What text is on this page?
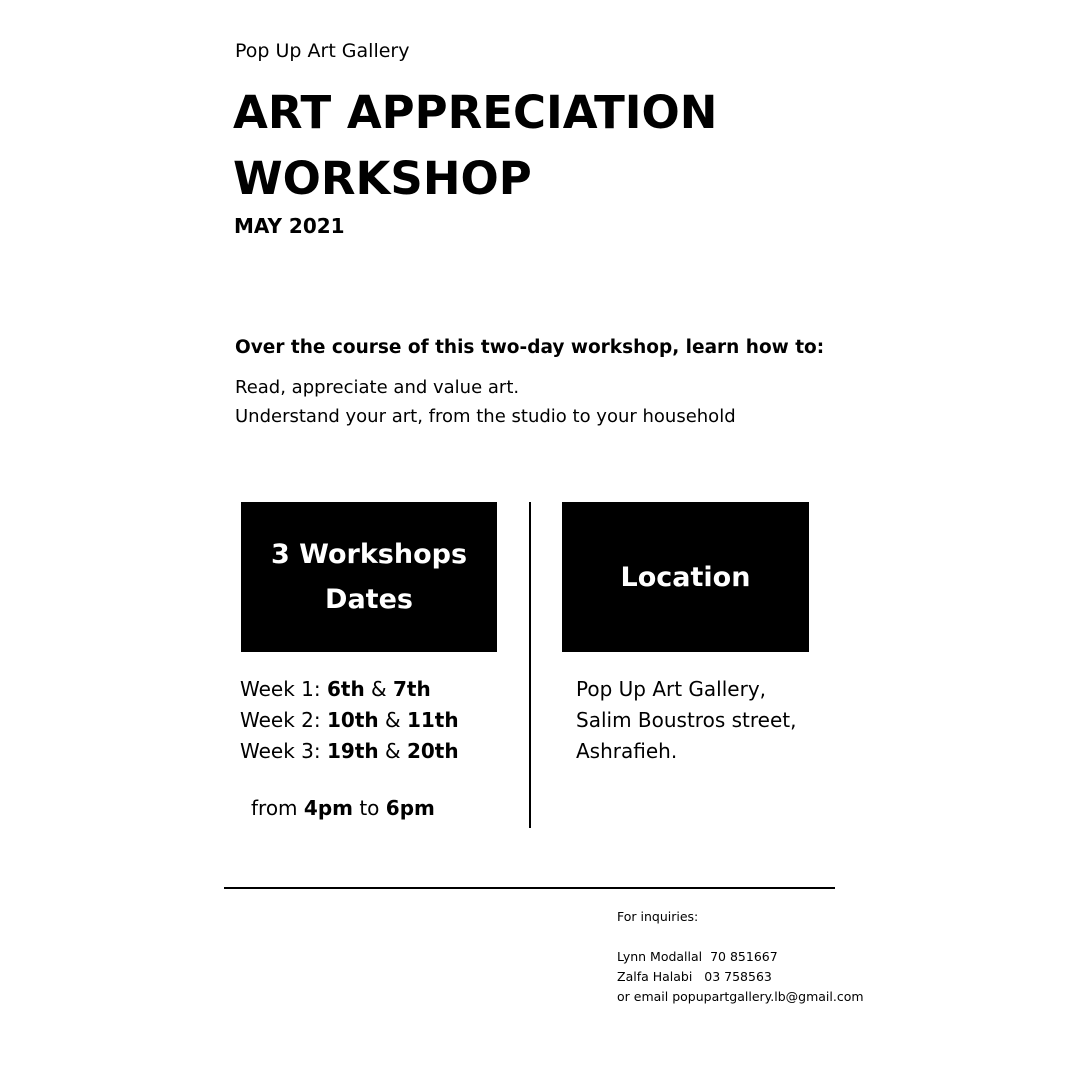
Pop Up Art Gallery
ART APPRECIATION
WORKSHOP
MAY 2021
Over the course of this two-day workshop, learn how to:
Read, appreciate and value art.
Understand your art, from the studio to your household
3 Workshops
Dates
Location
Week 1: 6th & 7th
Week 2: 10th & 11th
Week 3: 19th & 20th
from 4pm to 6pm
Pop Up Art Gallery,
Salim Boustros street,
Ashrafieh.
For inquiries:
Lynn Modallal  70 851667
Zalfa Halabi   03 758563
or email popupartgallery.lb@gmail.com
